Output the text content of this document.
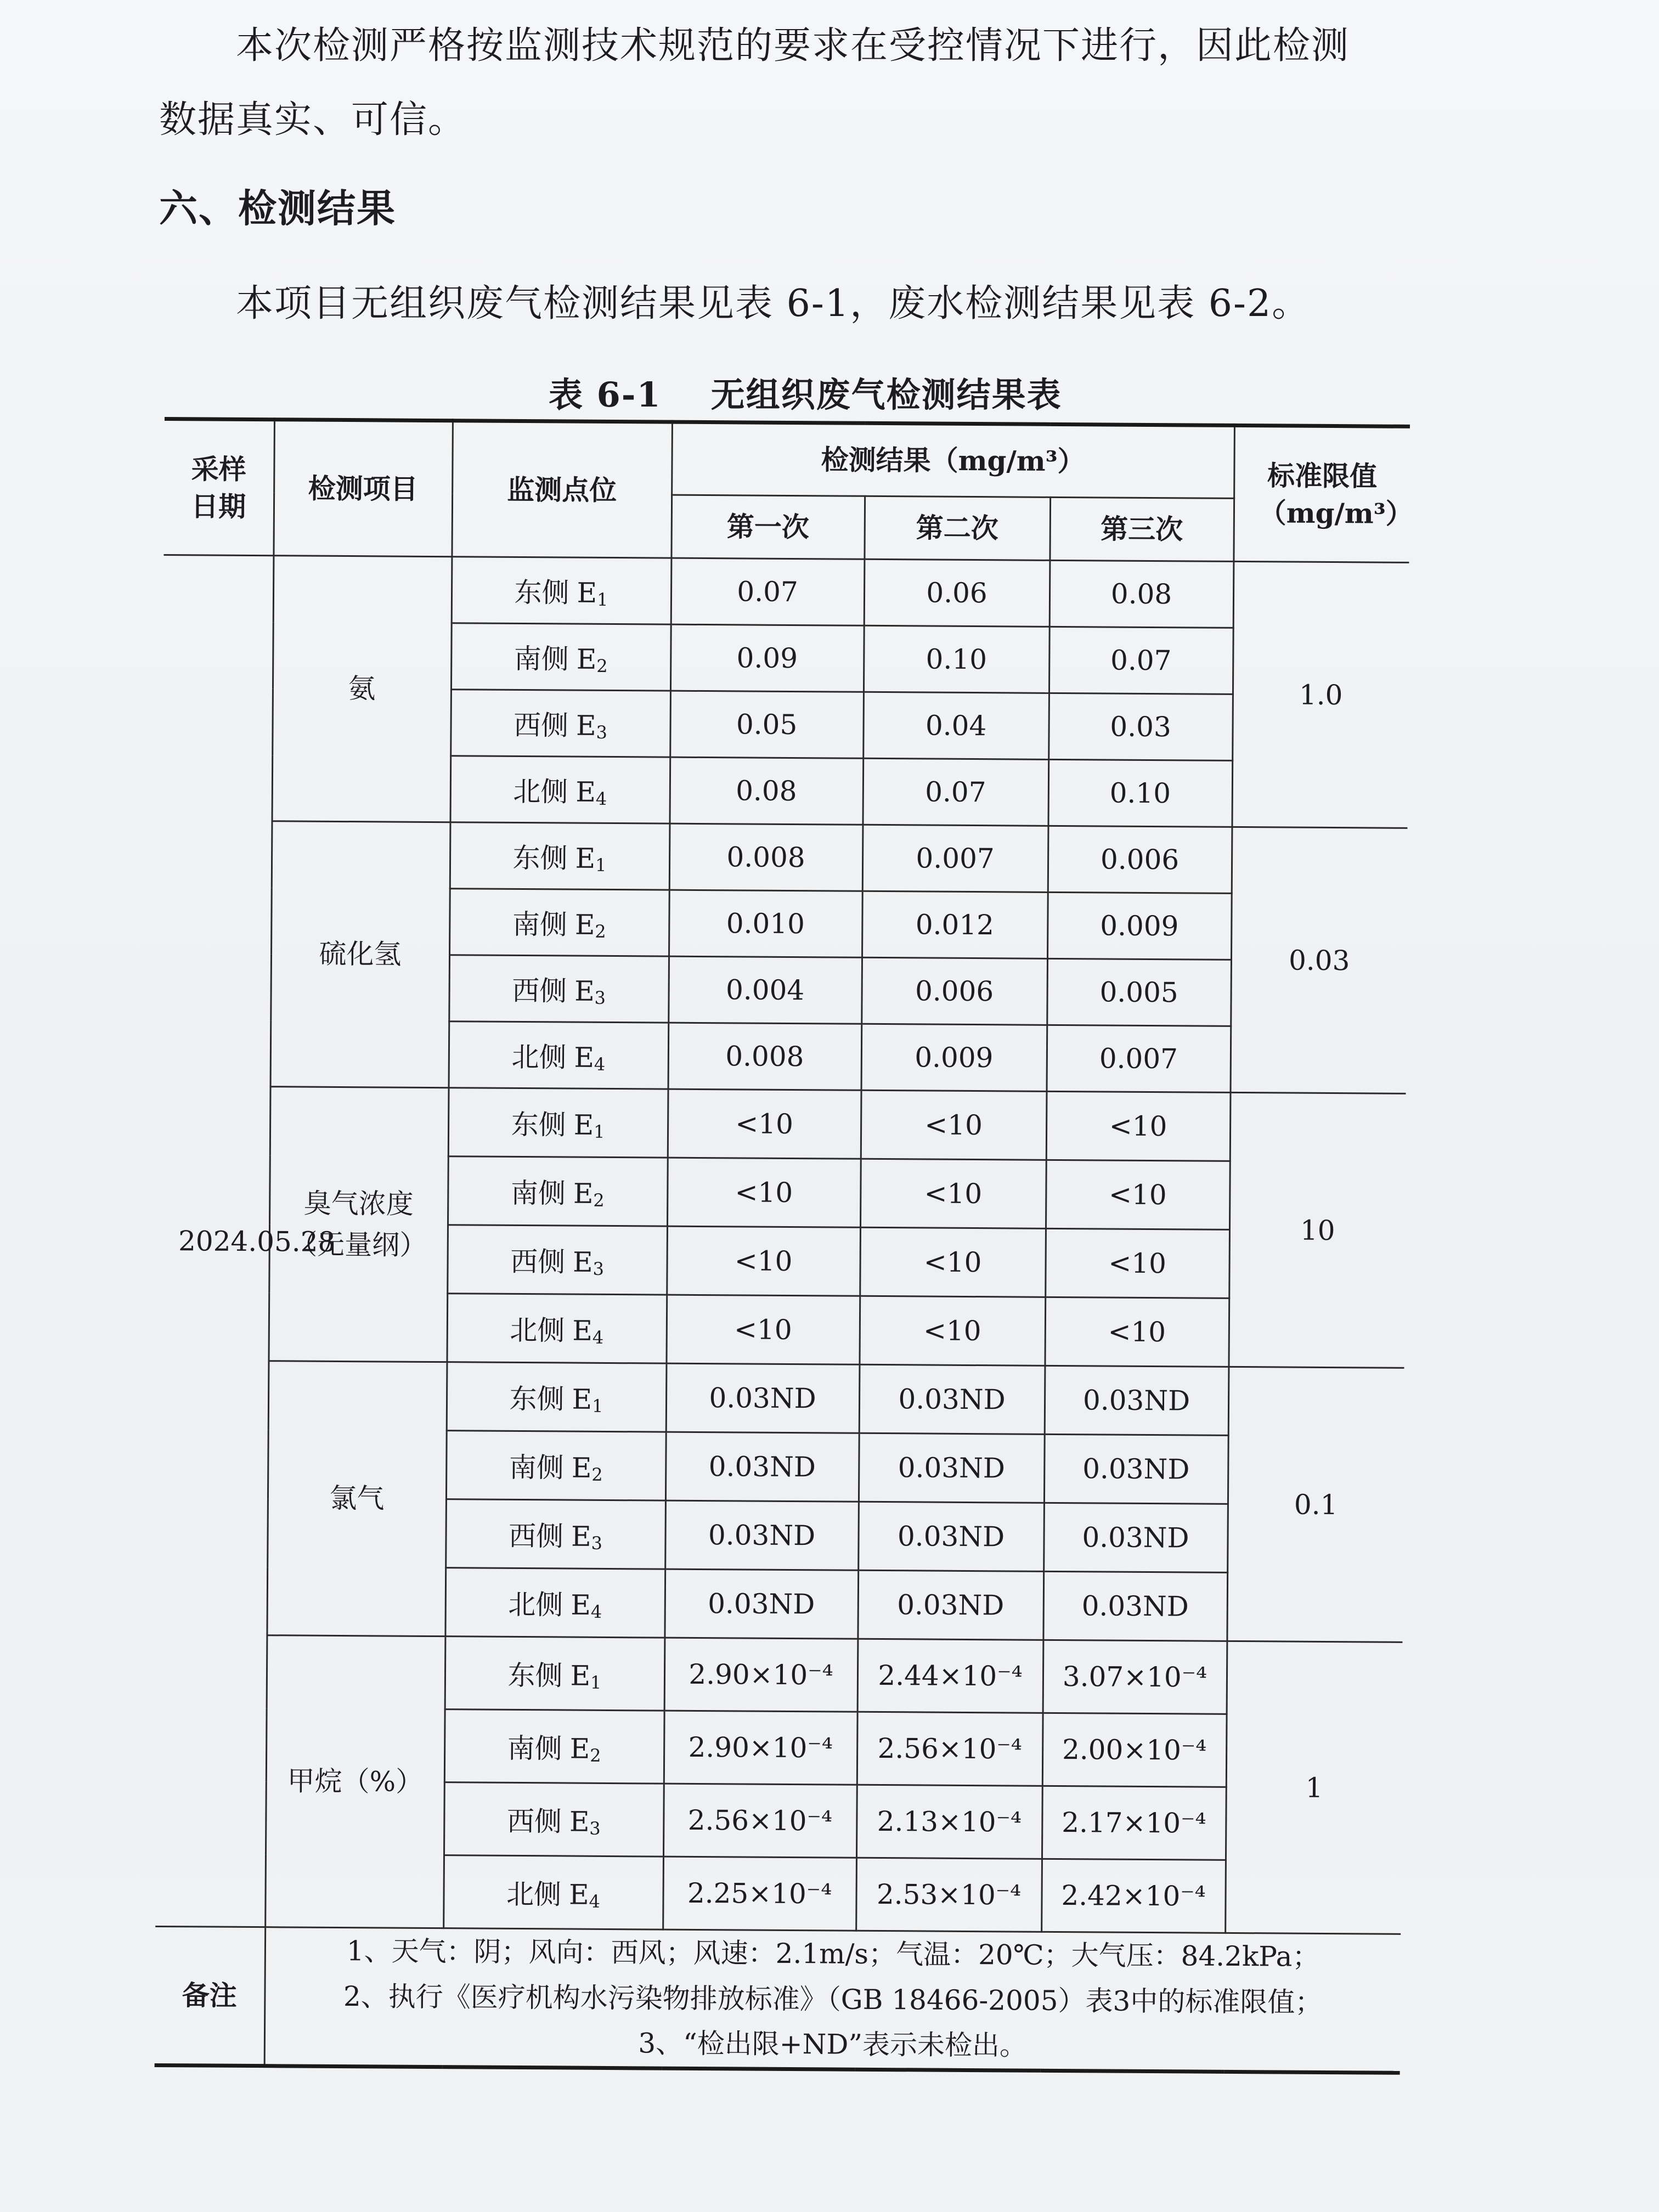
本次检测严格按监测技术规范的要求在受控情况下进行，因此检测
数据真实、可信。
六、检测结果
本项目无组织废气检测结果见表 6-1，废水检测结果见表 6-2。
表 6-1 无组织废气检测结果表
采样日期	检测项目	监测点位	检测结果（mg/m³）			标准限值（mg/m³）
			第一次	第二次	第三次	
2024.05.28	氨	东侧 E1	0.07	0.06	0.08	1.0
		南侧 E2	0.09	0.10	0.07	
		西侧 E3	0.05	0.04	0.03	
		北侧 E4	0.08	0.07	0.10	
	硫化氢	东侧 E1	0.008	0.007	0.006	0.03
		南侧 E2	0.010	0.012	0.009	
		西侧 E3	0.004	0.006	0.005	
		北侧 E4	0.008	0.009	0.007	
	臭气浓度（无量纲）	东侧 E1	<10	<10	<10	10
		南侧 E2	<10	<10	<10	
		西侧 E3	<10	<10	<10	
		北侧 E4	<10	<10	<10	
	氯气	东侧 E1	0.03ND	0.03ND	0.03ND	0.1
		南侧 E2	0.03ND	0.03ND	0.03ND	
		西侧 E3	0.03ND	0.03ND	0.03ND	
		北侧 E4	0.03ND	0.03ND	0.03ND	
	甲烷（%）	东侧 E1	2.90×10⁻⁴	2.44×10⁻⁴	3.07×10⁻⁴	1
		南侧 E2	2.90×10⁻⁴	2.56×10⁻⁴	2.00×10⁻⁴	
		西侧 E3	2.56×10⁻⁴	2.13×10⁻⁴	2.17×10⁻⁴	
		北侧 E4	2.25×10⁻⁴	2.53×10⁻⁴	2.42×10⁻⁴	
备注	1、天气：阴；风向：西风；风速：2.1m/s；气温：20℃；大气压：84.2kPa；
2、执行《医疗机构水污染物排放标准》（GB 18466-2005）表3中的标准限值；
3、“检出限+ND”表示未检出。					
